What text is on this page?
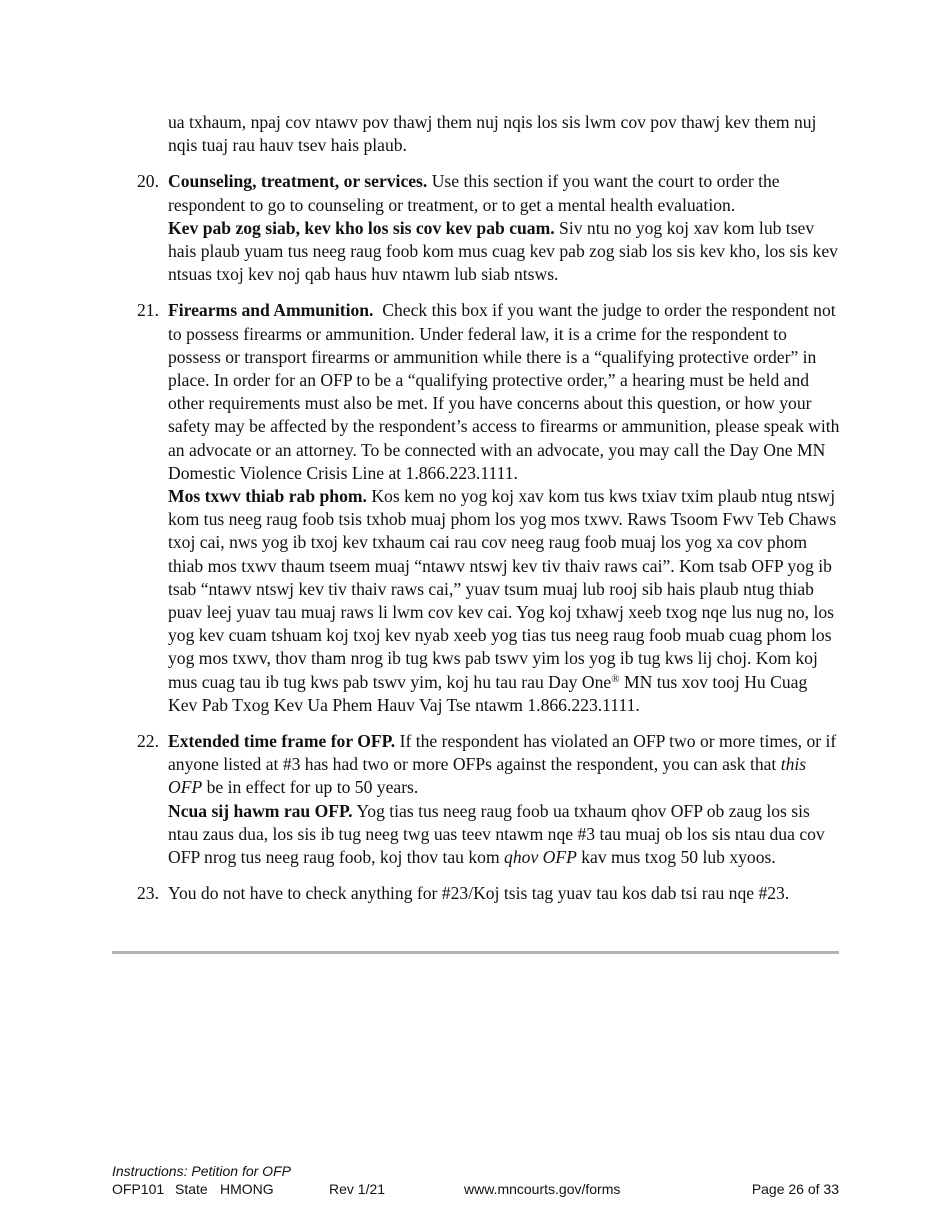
ua txhaum, npaj cov ntawv pov thawj them nuj nqis los sis lwm cov pov thawj kev them nuj nqis tuaj rau hauv tsev hais plaub.

20. Counseling, treatment, or services. Use this section if you want the court to order the respondent to go to counseling or treatment, or to get a mental health evaluation.

Kev pab zog siab, kev kho los sis cov kev pab cuam. Siv ntu no yog koj xav kom lub tsev hais plaub yuam tus neeg raug foob kom mus cuag kev pab zog siab los sis kev kho, los sis kev ntsuas txoj kev noj qab haus huv ntawm lub siab ntsws.

21. Firearms and Ammunition.  Check this box if you want the judge to order the respondent not to possess firearms or ammunition. Under federal law, it is a crime for the respondent to possess or transport firearms or ammunition while there is a “qualifying protective order” in place. In order for an OFP to be a “qualifying protective order,” a hearing must be held and other requirements must also be met. If you have concerns about this question, or how your safety may be affected by the respondent’s access to firearms or ammunition, please speak with an advocate or an attorney. To be connected with an advocate, you may call the Day One MN Domestic Violence Crisis Line at 1.866.223.1111.

Mos txwv thiab rab phom. Kos kem no yog koj xav kom tus kws txiav txim plaub ntug ntswj kom tus neeg raug foob tsis txhob muaj phom los yog mos txwv. Raws Tsoom Fwv Teb Chaws txoj cai, nws yog ib txoj kev txhaum cai rau cov neeg raug foob muaj los yog xa cov phom thiab mos txwv thaum tseem muaj “ntawv ntswj kev tiv thaiv raws cai”. Kom tsab OFP yog ib tsab “ntawv ntswj kev tiv thaiv raws cai,” yuav tsum muaj lub rooj sib hais plaub ntug thiab puav leej yuav tau muaj raws li lwm cov kev cai. Yog koj txhawj xeeb txog nqe lus nug no, los yog kev cuam tshuam koj txoj kev nyab xeeb yog tias tus neeg raug foob muab cuag phom los yog mos txwv, thov tham nrog ib tug kws pab tswv yim los yog ib tug kws lij choj. Kom koj mus cuag tau ib tug kws pab tswv yim, koj hu tau rau Day One® MN tus xov tooj Hu Cuag Kev Pab Txog Kev Ua Phem Hauv Vaj Tse ntawm 1.866.223.1111.

22. Extended time frame for OFP. If the respondent has violated an OFP two or more times, or if anyone listed at #3 has had two or more OFPs against the respondent, you can ask that this OFP be in effect for up to 50 years.

Ncua sij hawm rau OFP. Yog tias tus neeg raug foob ua txhaum qhov OFP ob zaug los sis ntau zaus dua, los sis ib tug neeg twg uas teev ntawm nqe #3 tau muaj ob los sis ntau dua cov OFP nrog tus neeg raug foob, koj thov tau kom qhov OFP kav mus txog 50 lub xyoos.

23. You do not have to check anything for #23/Koj tsis tag yuav tau kos dab tsi rau nqe #23.

Instructions: Petition for OFP
OFP101 State HMONG	Rev 1/21	www.mncourts.gov/forms	Page 26 of 33
